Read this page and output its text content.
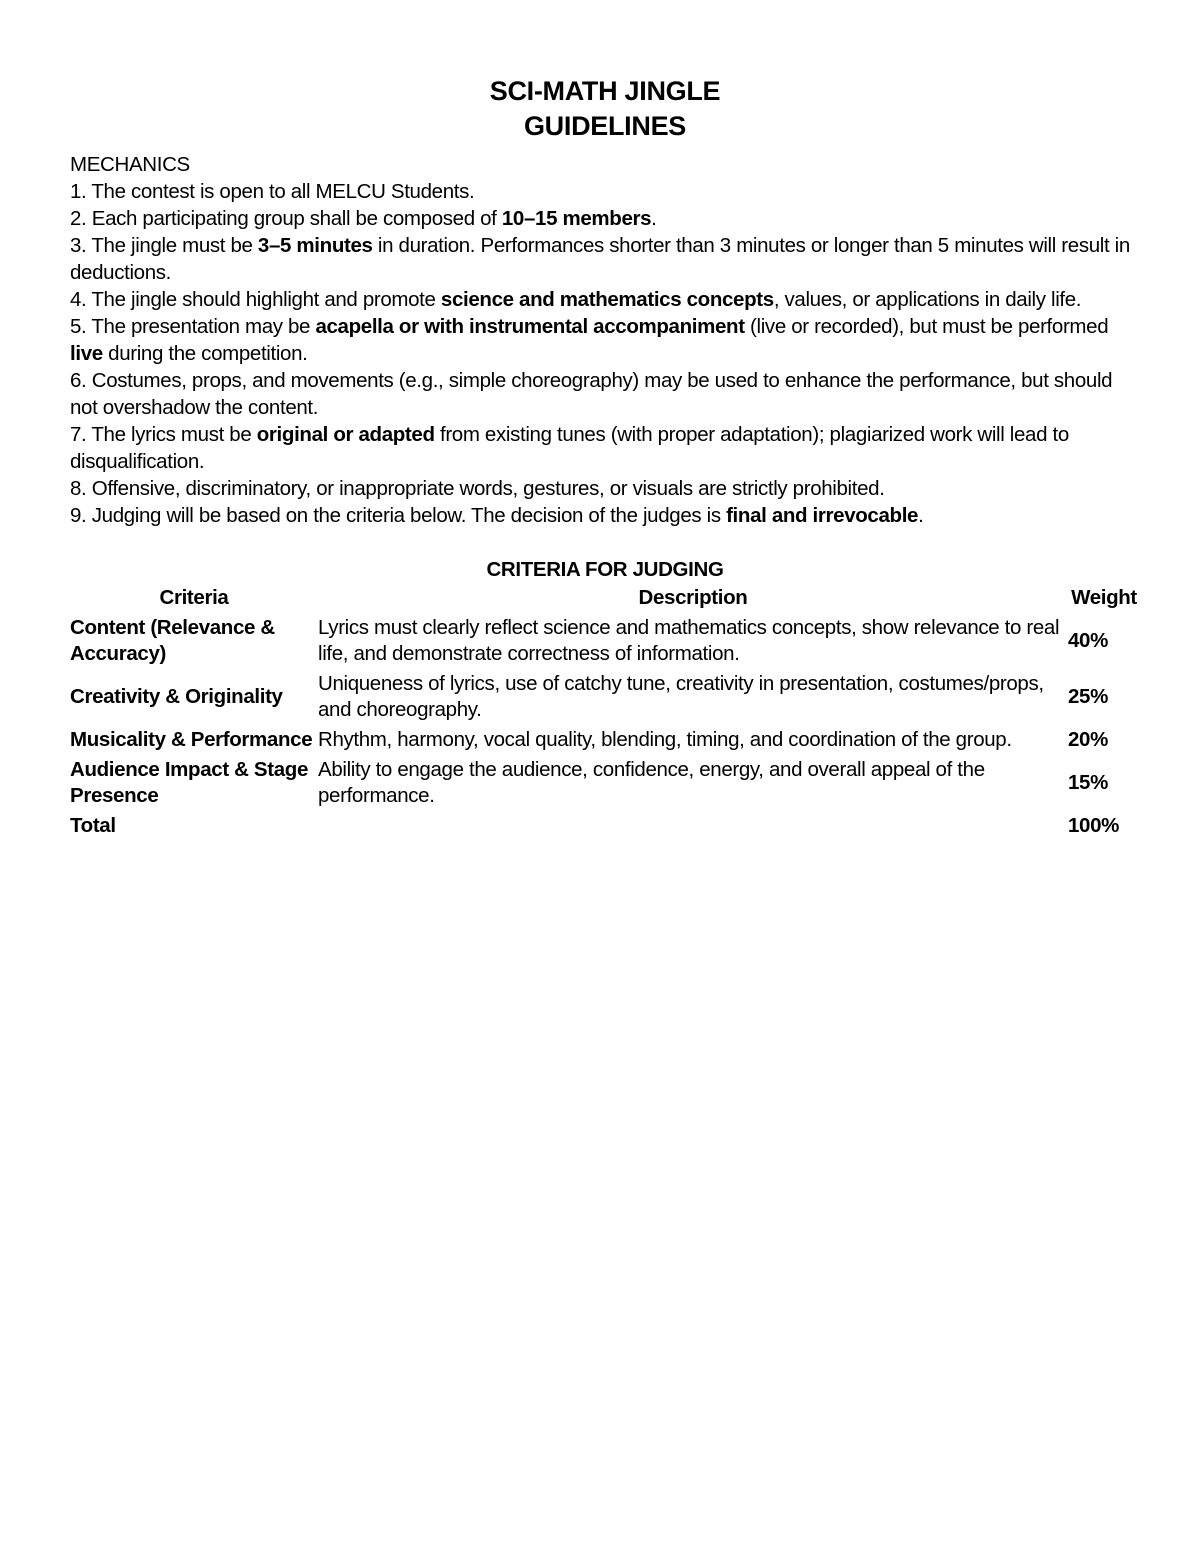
SCI-MATH JINGLE
GUIDELINES

MECHANICS

1. The contest is open to all MELCU Students.
2. Each participating group shall be composed of 10–15 members.
3. The jingle must be 3–5 minutes in duration. Performances shorter than 3 minutes or longer than 5 minutes will result in deductions.
4. The jingle should highlight and promote science and mathematics concepts, values, or applications in daily life.
5. The presentation may be acapella or with instrumental accompaniment (live or recorded), but must be performed live during the competition.
6. Costumes, props, and movements (e.g., simple choreography) may be used to enhance the performance, but should not overshadow the content.
7. The lyrics must be original or adapted from existing tunes (with proper adaptation); plagiarized work will lead to disqualification.
8. Offensive, discriminatory, or inappropriate words, gestures, or visuals are strictly prohibited.
9. Judging will be based on the criteria below. The decision of the judges is final and irrevocable.
CRITERIA FOR JUDGING
Criteria	Description	Weight
Content (Relevance & Accuracy)	Lyrics must clearly reflect science and mathematics concepts, show relevance to real life, and demonstrate correctness of information.	40%
Creativity & Originality	Uniqueness of lyrics, use of catchy tune, creativity in presentation, costumes/props, and choreography.	25%
Musicality & Performance	Rhythm, harmony, vocal quality, blending, timing, and coordination of the group.	20%
Audience Impact & Stage Presence	Ability to engage the audience, confidence, energy, and overall appeal of the performance.	15%
Total		100%
